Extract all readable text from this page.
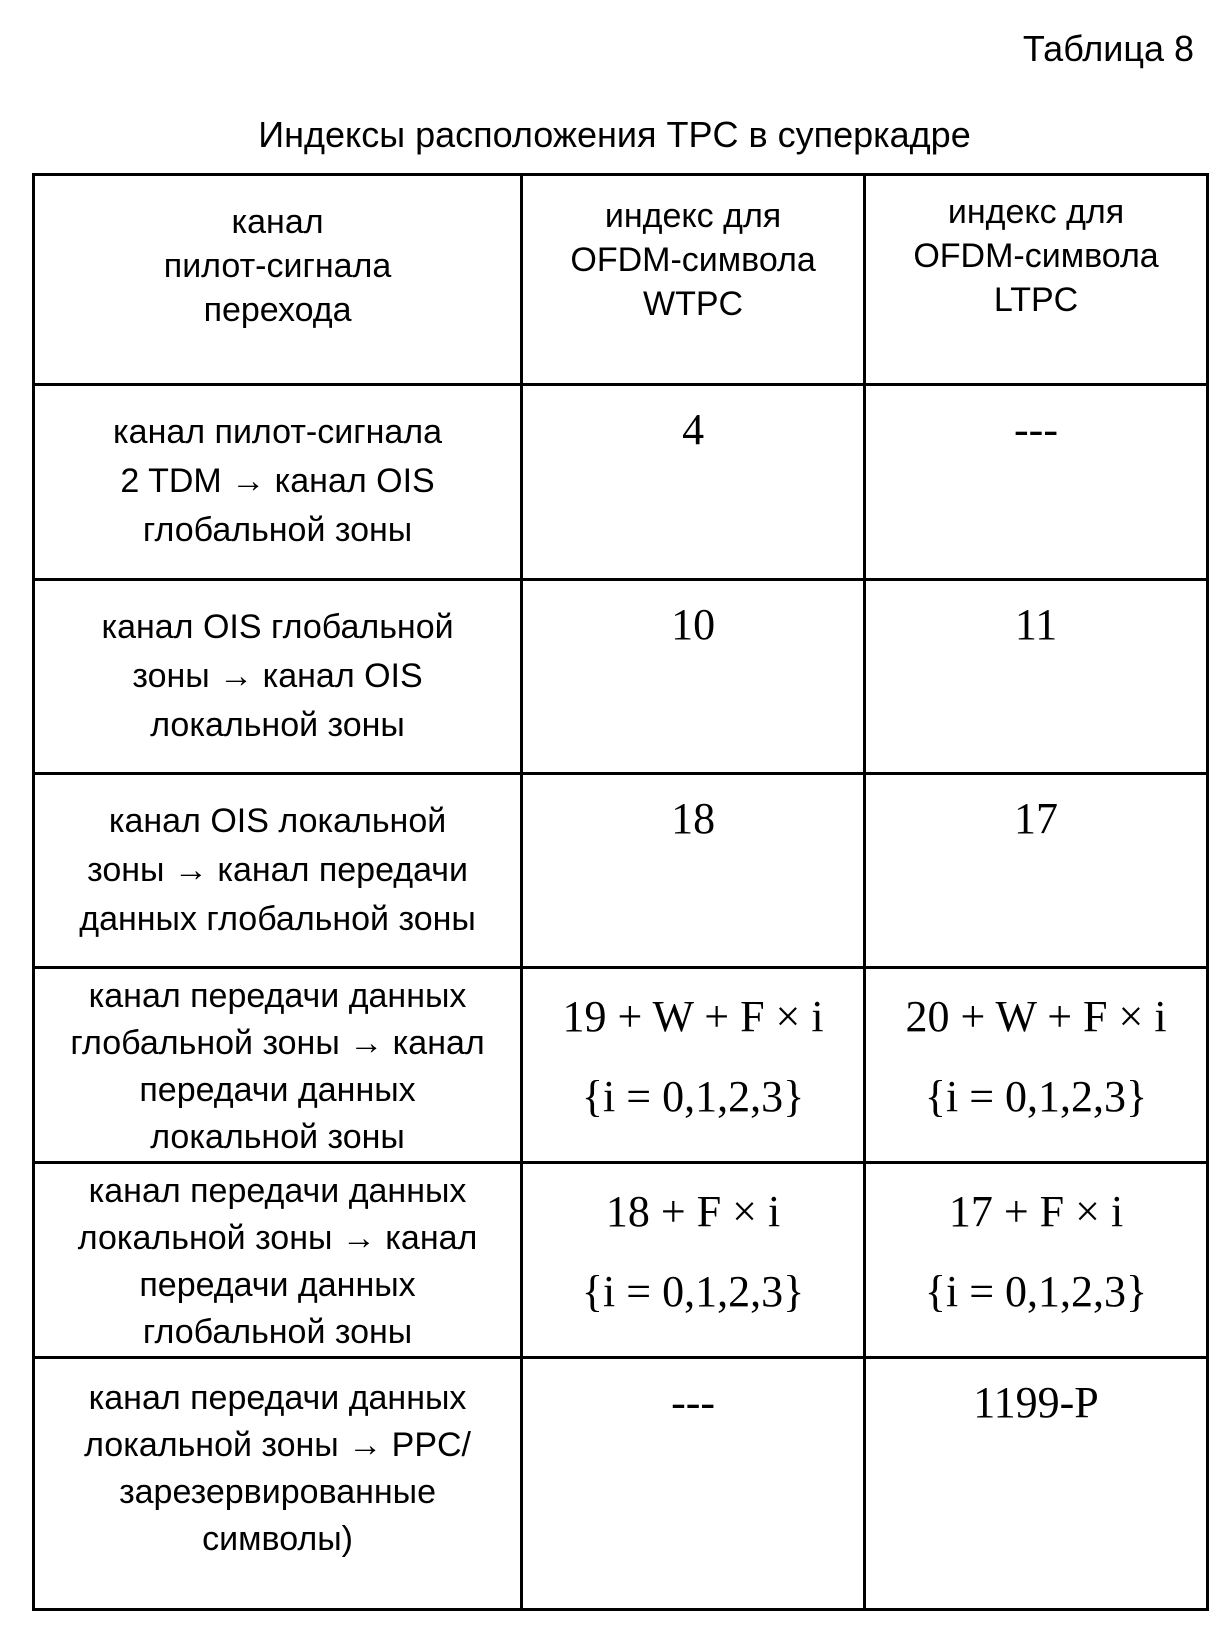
Таблица 8
Индексы расположения TPC в суперкадре
канал
пилот-сигнала
перехода

индекс для
OFDM-символа
WTPC

индекс для
OFDM-символа
LTPC

канал пилот-сигнала
2 TDM → канал OIS
глобальной зоны
	4	---

канал OIS глобальной
зоны → канал OIS
локальной зоны
	10	11

канал OIS локальной
зоны → канал передачи
данных глобальной зоны
	18	17

канал передачи данных
глобальной зоны → канал
передачи данных
локальной зоны

19 + W + F × i
{i = 0,1,2,3}

20 + W + F × i
{i = 0,1,2,3}

канал передачи данных
локальной зоны → канал
передачи данных
глобальной зоны

18 + F × i
{i = 0,1,2,3}

17 + F × i
{i = 0,1,2,3}

канал передачи данных
локальной зоны → PPC/
зарезервированные
символы)
	---	1199-P
